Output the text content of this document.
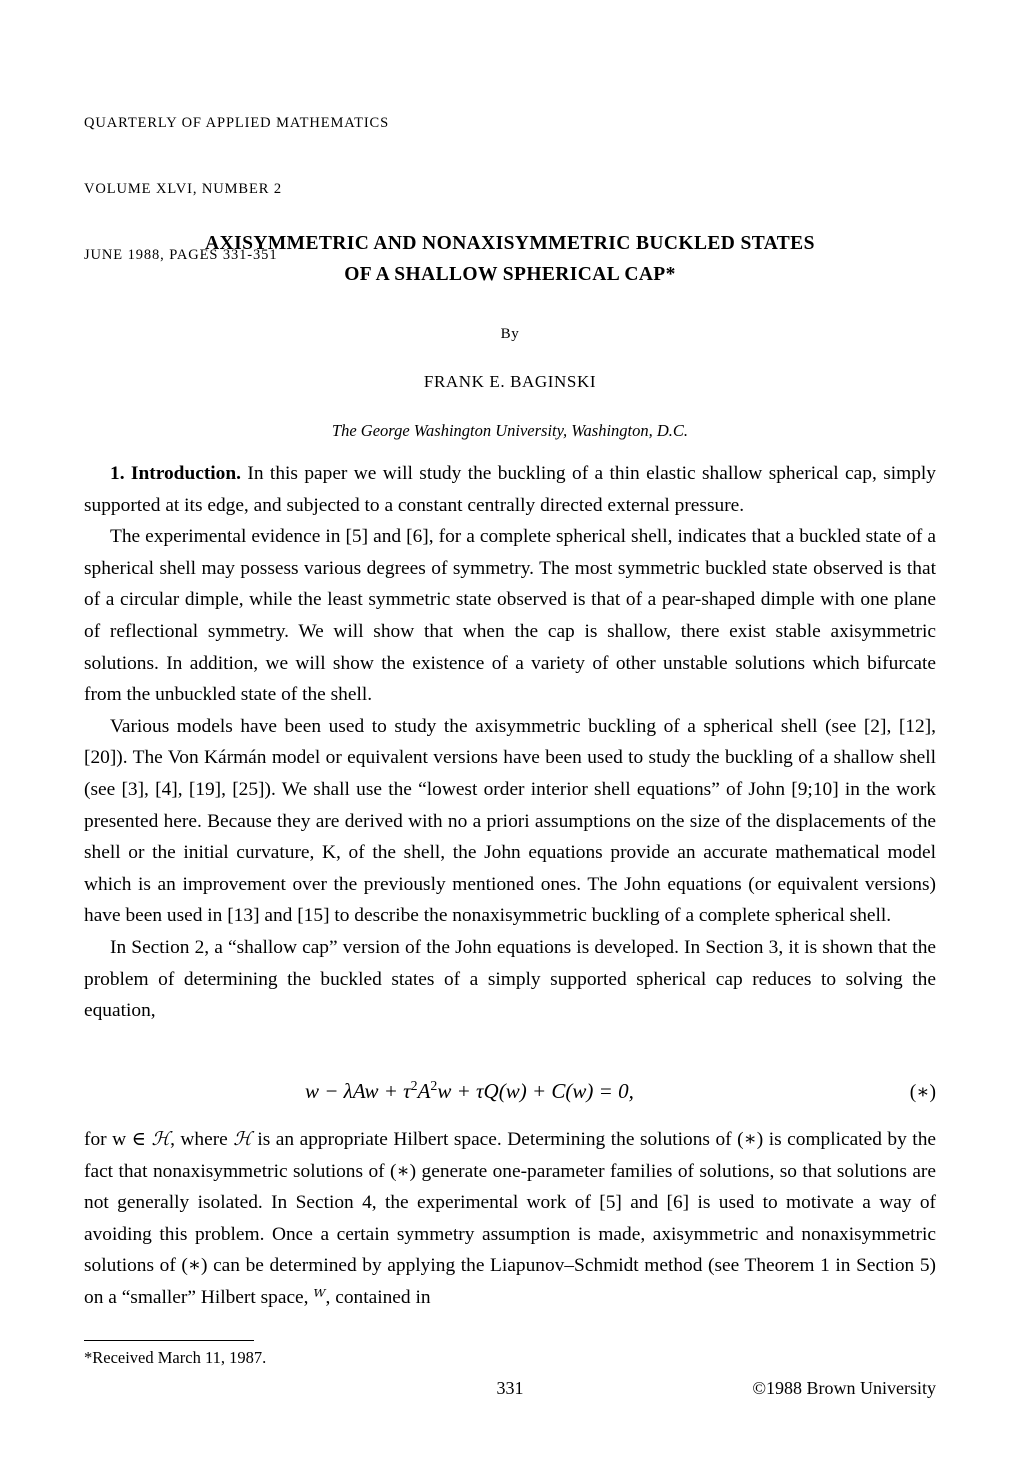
QUARTERLY OF APPLIED MATHEMATICS

VOLUME XLVI, NUMBER 2

JUNE 1988, PAGES 331-351

AXISYMMETRIC AND NONAXISYMMETRIC BUCKLED STATES
OF A SHALLOW SPHERICAL CAP*
By
FRANK E. BAGINSKI
The George Washington University, Washington, D.C.

1. Introduction. In this paper we will study the buckling of a thin elastic shallow spherical cap, simply supported at its edge, and subjected to a constant centrally directed external pressure.

The experimental evidence in [5] and [6], for a complete spherical shell, indicates that a buckled state of a spherical shell may possess various degrees of symmetry. The most symmetric buckled state observed is that of a circular dimple, while the least symmetric state observed is that of a pear-shaped dimple with one plane of reflectional symmetry. We will show that when the cap is shallow, there exist stable axisymmetric solutions. In addition, we will show the existence of a variety of other unstable solutions which bifurcate from the unbuckled state of the shell.

Various models have been used to study the axisymmetric buckling of a spherical shell (see [2], [12], [20]). The Von Kármán model or equivalent versions have been used to study the buckling of a shallow shell (see [3], [4], [19], [25]). We shall use the “lowest order interior shell equations” of John [9;10] in the work presented here. Because they are derived with no a priori assumptions on the size of the displacements of the shell or the initial curvature, K, of the shell, the John equations provide an accurate mathematical model which is an improvement over the previously mentioned ones. The John equations (or equivalent versions) have been used in [13] and [15] to describe the nonaxisymmetric buckling of a complete spherical shell.

In Section 2, a “shallow cap” version of the John equations is developed. In Section 3, it is shown that the problem of determining the buckled states of a simply supported spherical cap reduces to solving the equation,

$w - \lambda Aw + \tau^2A^2w + \tau Q(w) + C(w) = 0$,	(∗)

for w ∈ ℋ, where ℋ is an appropriate Hilbert space. Determining the solutions of (∗) is complicated by the fact that nonaxisymmetric solutions of (∗) generate one-parameter families of solutions, so that solutions are not generally isolated. In Section 4, the experimental work of [5] and [6] is used to motivate a way of avoiding this problem. Once a certain symmetry assumption is made, axisymmetric and nonaxisymmetric solutions of (∗) can be determined by applying the Liapunov–Schmidt method (see Theorem 1 in Section 5) on a “smaller” Hilbert space, ᵂ, contained in

*Received March 11, 1987.
331	©1988 Brown University
